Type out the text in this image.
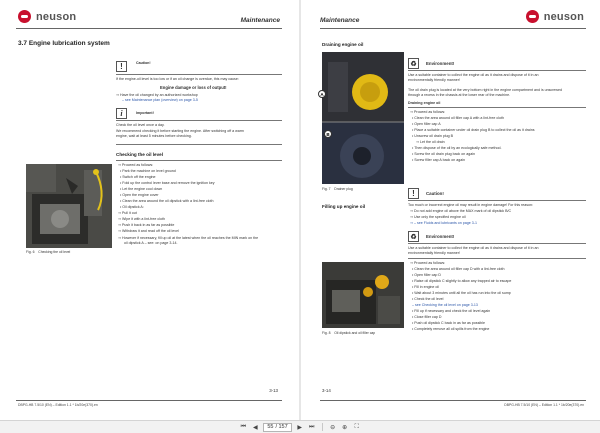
neuson	Maintenance
3.7 Engine lubrication system
!	Caution!
If the engine-oil level is too low or if an oil change is overdue, this may cause:
Engine damage or loss of output!
⇒ Have the oil changed by an authorized workshop
– see Maintenance plan (overview) on page 3-5
i	Important!
Check the oil level once a day.
We recommend checking it before starting the engine. After switching off a warm
engine, wait at least 5 minutes before checking.
Checking the oil level
⇒ Proceed as follows:
• Park the machine on level ground
• Switch off the engine
• Fold up the control lever base and remove the ignition key
• Let the engine cool down
• Open the engine cover
• Clean the area around the oil dipstick with a lint-free cloth
• Oil dipstick A:
⇒ Pull it out
⇒ Wipe it with a lint-free cloth
⇒ Push it back in as far as possible
⇒ Withdraw it and read off the oil level
⇒ However if necessary, fill up oil at the latest when the oil reaches the MIN mark on the
oil dipstick A – see: on page 3-14.
Fig. 6 Checking the oil level
3-13
DBPG-HB 7.5/10 (EN) – Edition 1.1 * 1b/20e(370).en
Maintenance	neuson
Draining engine oil
A
B
Fig. 7 Drainer plug
♻	Environment!
Use a suitable container to collect the engine oil as it drains and dispose of it in an
environmentally friendly manner!
The oil drain plug is located at the very bottom right in the engine compartment and is unscrewed
through a recess in the chassis at the lower rear of the machine.
Draining engine oil
⇒ Proceed as follows:
• Clean the area around oil filler cap A with a lint-free cloth
• Open filler cap A
• Place a suitable container under oil drain plug B to collect the oil as it drains
• Unscrew oil drain plug B
⇒ Let the oil drain
• Then dispose of the oil by an ecologically safe method.
• Screw the oil drain plug back on again
• Screw filler cap A back on again
Filling up engine oil
!	Caution!
Too much or incorrect engine oil may result in engine damage! For this reason:
⇒ Do not add engine oil above the MAX mark of oil dipstick B/C
⇒ Use only the specified engine oil
⇒ – see Fluids and lubricants on page 3-1
♻	Environment!
Use a suitable container to collect the engine oil as it drains and dispose of it in an
environmentally friendly manner!
⇒ Proceed as follows:
• Clean the area around oil filler cap D with a lint-free cloth
• Open filler cap D
• Raise oil dipstick C slightly to allow any trapped air to escape
• Fill in engine oil
• Wait about 3 minutes until all the oil has run into the oil sump
• Check the oil level
– see Checking the oil level on page 3-13
• Fill up if necessary and check the oil level again
• Close filler cap D
• Push oil dipstick C back in as far as possible
• Completely remove all oil spills from the engine
Fig. 8 Oil dipstick and oil filler cap
3-14
DBPG-HB 7.5/10 (EN) – Edition 1.1 * 1b/20e(370).en
⏮ ◀	55 / 157 ▶ ⏭	⊖ ⊕	⛶
